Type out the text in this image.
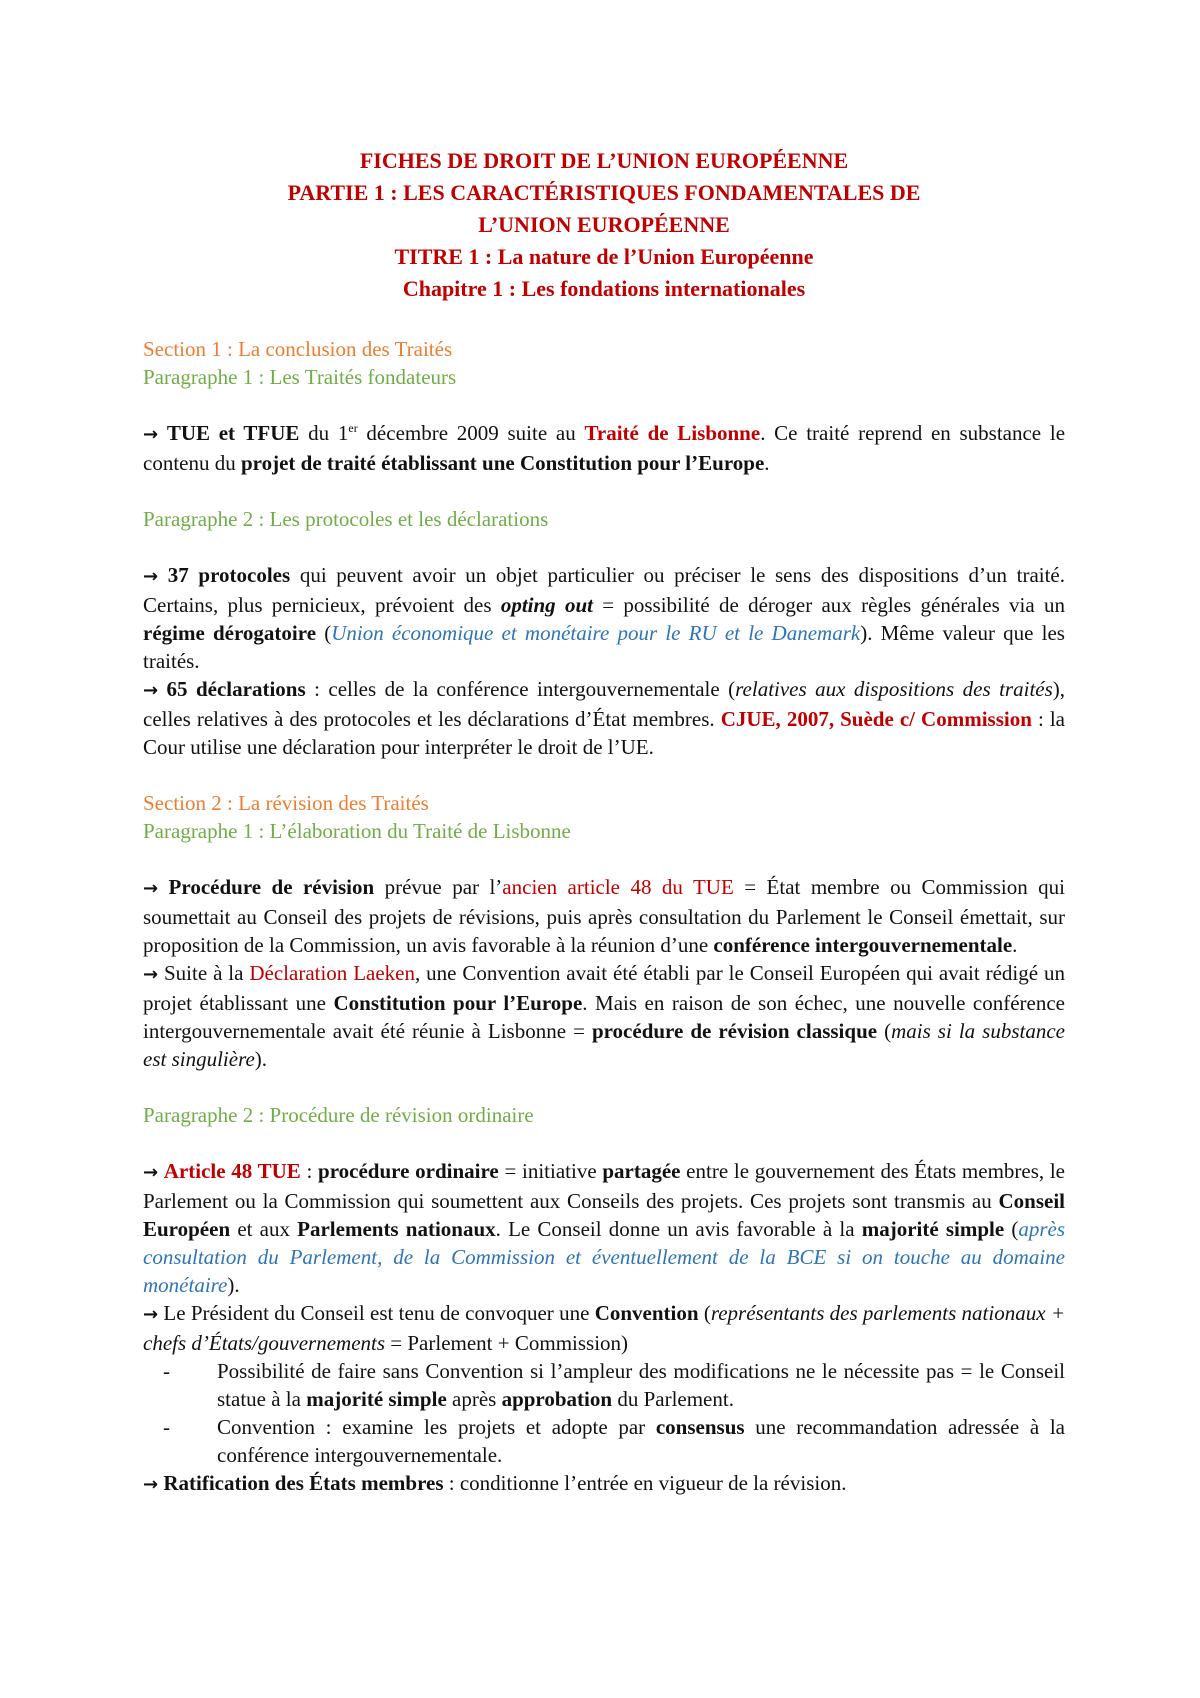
FICHES DE DROIT DE L’UNION EUROPÉENNE
PARTIE 1 : LES CARACTÉRISTIQUES FONDAMENTALES DE
L’UNION EUROPÉENNE
TITRE 1 : La nature de l’Union Européenne
Chapitre 1 : Les fondations internationales
Section 1 : La conclusion des Traités
Paragraphe 1 : Les Traités fondateurs

→ TUE et TFUE du 1er décembre 2009 suite au Traité de Lisbonne. Ce traité reprend en substance le contenu du projet de traité établissant une Constitution pour l’Europe.

Paragraphe 2 : Les protocoles et les déclarations

→ 37 protocoles qui peuvent avoir un objet particulier ou préciser le sens des dispositions d’un traité. Certains, plus pernicieux, prévoient des opting out = possibilité de déroger aux règles générales via un régime dérogatoire (Union économique et monétaire pour le RU et le Danemark). Même valeur que les traités.

→ 65 déclarations : celles de la conférence intergouvernementale (relatives aux dispositions des traités), celles relatives à des protocoles et les déclarations d’État membres. CJUE, 2007, Suède c/ Commission : la Cour utilise une déclaration pour interpréter le droit de l’UE.

Section 2 : La révision des Traités
Paragraphe 1 : L’élaboration du Traité de Lisbonne

→ Procédure de révision prévue par l’ancien article 48 du TUE = État membre ou Commission qui soumettait au Conseil des projets de révisions, puis après consultation du Parlement le Conseil émettait, sur proposition de la Commission, un avis favorable à la réunion d’une conférence intergouvernementale.

→ Suite à la Déclaration Laeken, une Convention avait été établi par le Conseil Européen qui avait rédigé un projet établissant une Constitution pour l’Europe. Mais en raison de son échec, une nouvelle conférence intergouvernementale avait été réunie à Lisbonne = procédure de révision classique (mais si la substance est singulière).

Paragraphe 2 : Procédure de révision ordinaire

→ Article 48 TUE : procédure ordinaire = initiative partagée entre le gouvernement des États membres, le Parlement ou la Commission qui soumettent aux Conseils des projets. Ces projets sont transmis au Conseil Européen et aux Parlements nationaux. Le Conseil donne un avis favorable à la majorité simple (après consultation du Parlement, de la Commission et éventuellement de la BCE si on touche au domaine monétaire).

→ Le Président du Conseil est tenu de convoquer une Convention (représentants des parlements nationaux + chefs d’États/gouvernements = Parlement + Commission)

- Possibilité de faire sans Convention si l’ampleur des modifications ne le nécessite pas = le Conseil statue à la majorité simple après approbation du Parlement.
- Convention : examine les projets et adopte par consensus une recommandation adressée à la conférence intergouvernementale.

→ Ratification des États membres : conditionne l’entrée en vigueur de la révision.
